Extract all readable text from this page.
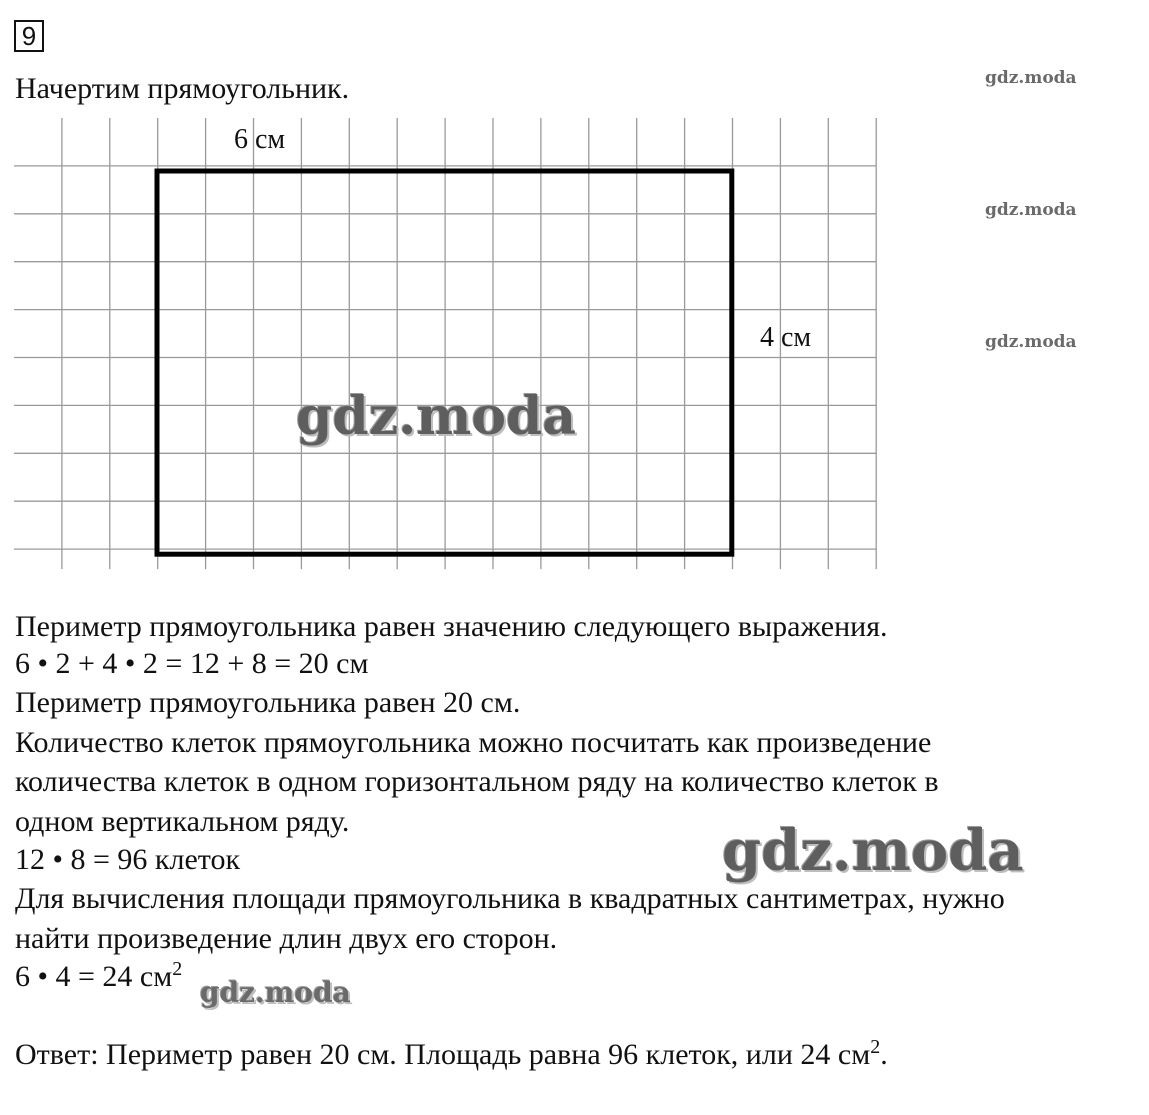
9
Начертим прямоугольник.	gdz.moda
gdz.moda
gdz.moda
6 см
4 см
gdz.moda
Периметр прямоугольника равен значению следующего выражения.
6 • 2 + 4 • 2 = 12 + 8 = 20 см
Периметр прямоугольника равен 20 см.
Количество клеток прямоугольника можно посчитать как произведение
количества клеток в одном горизонтальном ряду на количество клеток в
одном вертикальном ряду.
12 • 8 = 96 клеток	gdz.moda
Для вычисления площади прямоугольника в квадратных сантиметрах, нужно
найти произведение длин двух его сторон.
6 • 4 = 24 $см^2$
gdz.moda
Ответ: Периметр равен 20 см. Площадь равна 96 клеток, или 24 $см^2$.
